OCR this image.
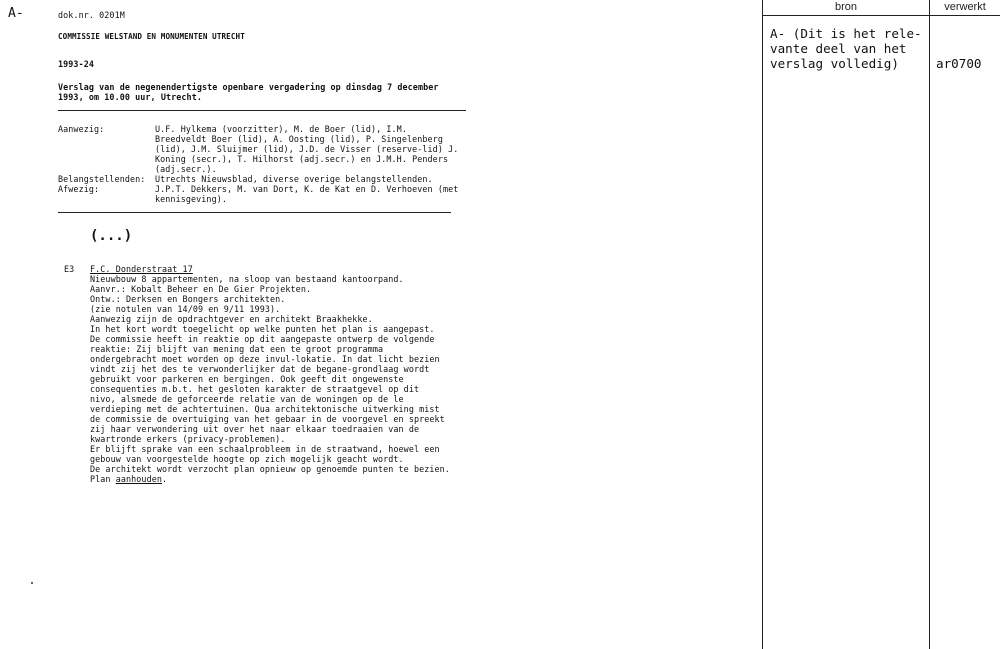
A-	dok.nr. 0201M
COMMISSIE WELSTAND EN MONUMENTEN UTRECHT
1993-24
Verslag van de negenendertigste openbare vergadering op dinsdag 7 december
1993, om 10.00 uur, Utrecht.
Aanwezig:	U.F. Hylkema (voorzitter), M. de Boer (lid), I.M.
Breedveldt Boer (lid), A. Oosting (lid), P. Singelenberg
(lid), J.M. Sluijmer (lid), J.D. de Visser (reserve-lid) J.
Koning (secr.), T. Hilhorst (adj.secr.) en J.M.H. Penders
(adj.secr.).
Belangstellenden: Utrechts Nieuwsblad, diverse overige belangstellenden.
Afwezig:	J.P.T. Dekkers, M. van Dort, K. de Kat en D. Verhoeven (met
kennisgeving).
(...)
E3 F.C. Donderstraat 17
Nieuwbouw 8 appartementen, na sloop van bestaand kantoorpand.
Aanvr.: Kobalt Beheer en De Gier Projekten.
Ontw.: Derksen en Bongers architekten.
(zie notulen van 14/09 en 9/11 1993).
Aanwezig zijn de opdrachtgever en architekt Braakhekke.
In het kort wordt toegelicht op welke punten het plan is aangepast.
De commissie heeft in reaktie op dit aangepaste ontwerp de volgende
reaktie: Zij blijft van mening dat een te groot programma
ondergebracht moet worden op deze invul-lokatie. In dat licht bezien
vindt zij het des te verwonderlijker dat de begane-grondlaag wordt
gebruikt voor parkeren en bergingen. Ook geeft dit ongewenste
consequenties m.b.t. het gesloten karakter de straatgevel op dit
nivo, alsmede de geforceerde relatie van de woningen op de le
verdieping met de achtertuinen. Qua architektonische uitwerking mist
de commissie de overtuiging van het gebaar in de voorgevel en spreekt
zij haar verwondering uit over het naar elkaar toedraaien van de
kwartronde erkers (privacy-problemen).
Er blijft sprake van een schaalprobleem in de straatwand, hoewel een
gebouw van voorgestelde hoogte op zich mogelijk geacht wordt.
De architekt wordt verzocht plan opnieuw op genoemde punten te bezien.
Plan aanhouden.
bron	verwerkt
A- (Dit is het rele-
vante deel van het
verslag volledig)	ar0700
